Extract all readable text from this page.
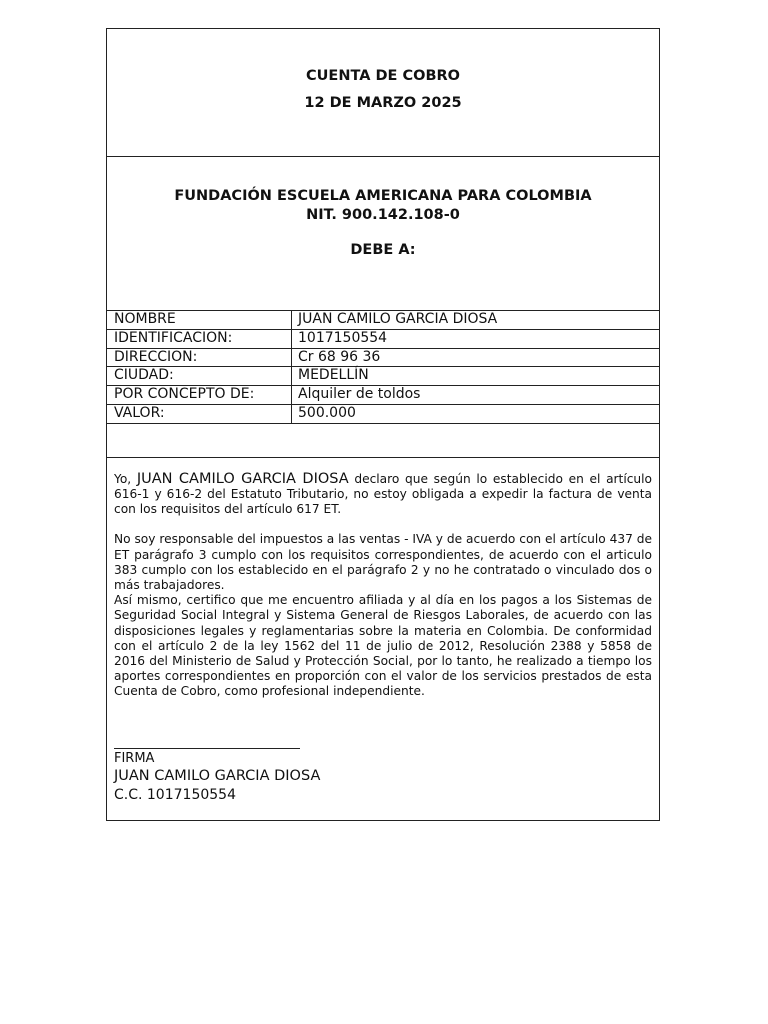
CUENTA DE COBRO
12 DE MARZO 2025
FUNDACIÓN ESCUELA AMERICANA PARA COLOMBIA
NIT. 900.142.108-0
DEBE A:
NOMBRE	JUAN CAMILO GARCIA DIOSA
IDENTIFICACION:	1017150554
DIRECCION:	Cr 68 96 36
CIUDAD:	MEDELLÍN
POR CONCEPTO DE:	Alquiler de toldos
VALOR:	500.000
Yo, JUAN CAMILO GARCIA DIOSA declaro que según lo establecido en el artículo 616-1 y 616-2 del Estatuto Tributario, no estoy obligada a expedir la factura de venta con los requisitos del artículo 617 ET.
No soy responsable del impuestos a las ventas - IVA y de acuerdo con el artículo 437 de ET parágrafo 3 cumplo con los requisitos correspondientes, de acuerdo con el articulo 383 cumplo con los establecido en el parágrafo 2 y no he contratado o vinculado dos o más trabajadores.
Así mismo, certifico que me encuentro afiliada y al día en los pagos a los Sistemas de Seguridad Social Integral y Sistema General de Riesgos Laborales, de acuerdo con las disposiciones legales y reglamentarias sobre la materia en Colombia. De conformidad con el artículo 2 de la ley 1562 del 11 de julio de 2012, Resolución 2388 y 5858 de 2016 del Ministerio de Salud y Protección Social, por lo tanto, he realizado a tiempo los aportes correspondientes en proporción con el valor de los servicios prestados de esta Cuenta de Cobro, como profesional independiente.
FIRMA
JUAN CAMILO GARCIA DIOSA
C.C. 1017150554
